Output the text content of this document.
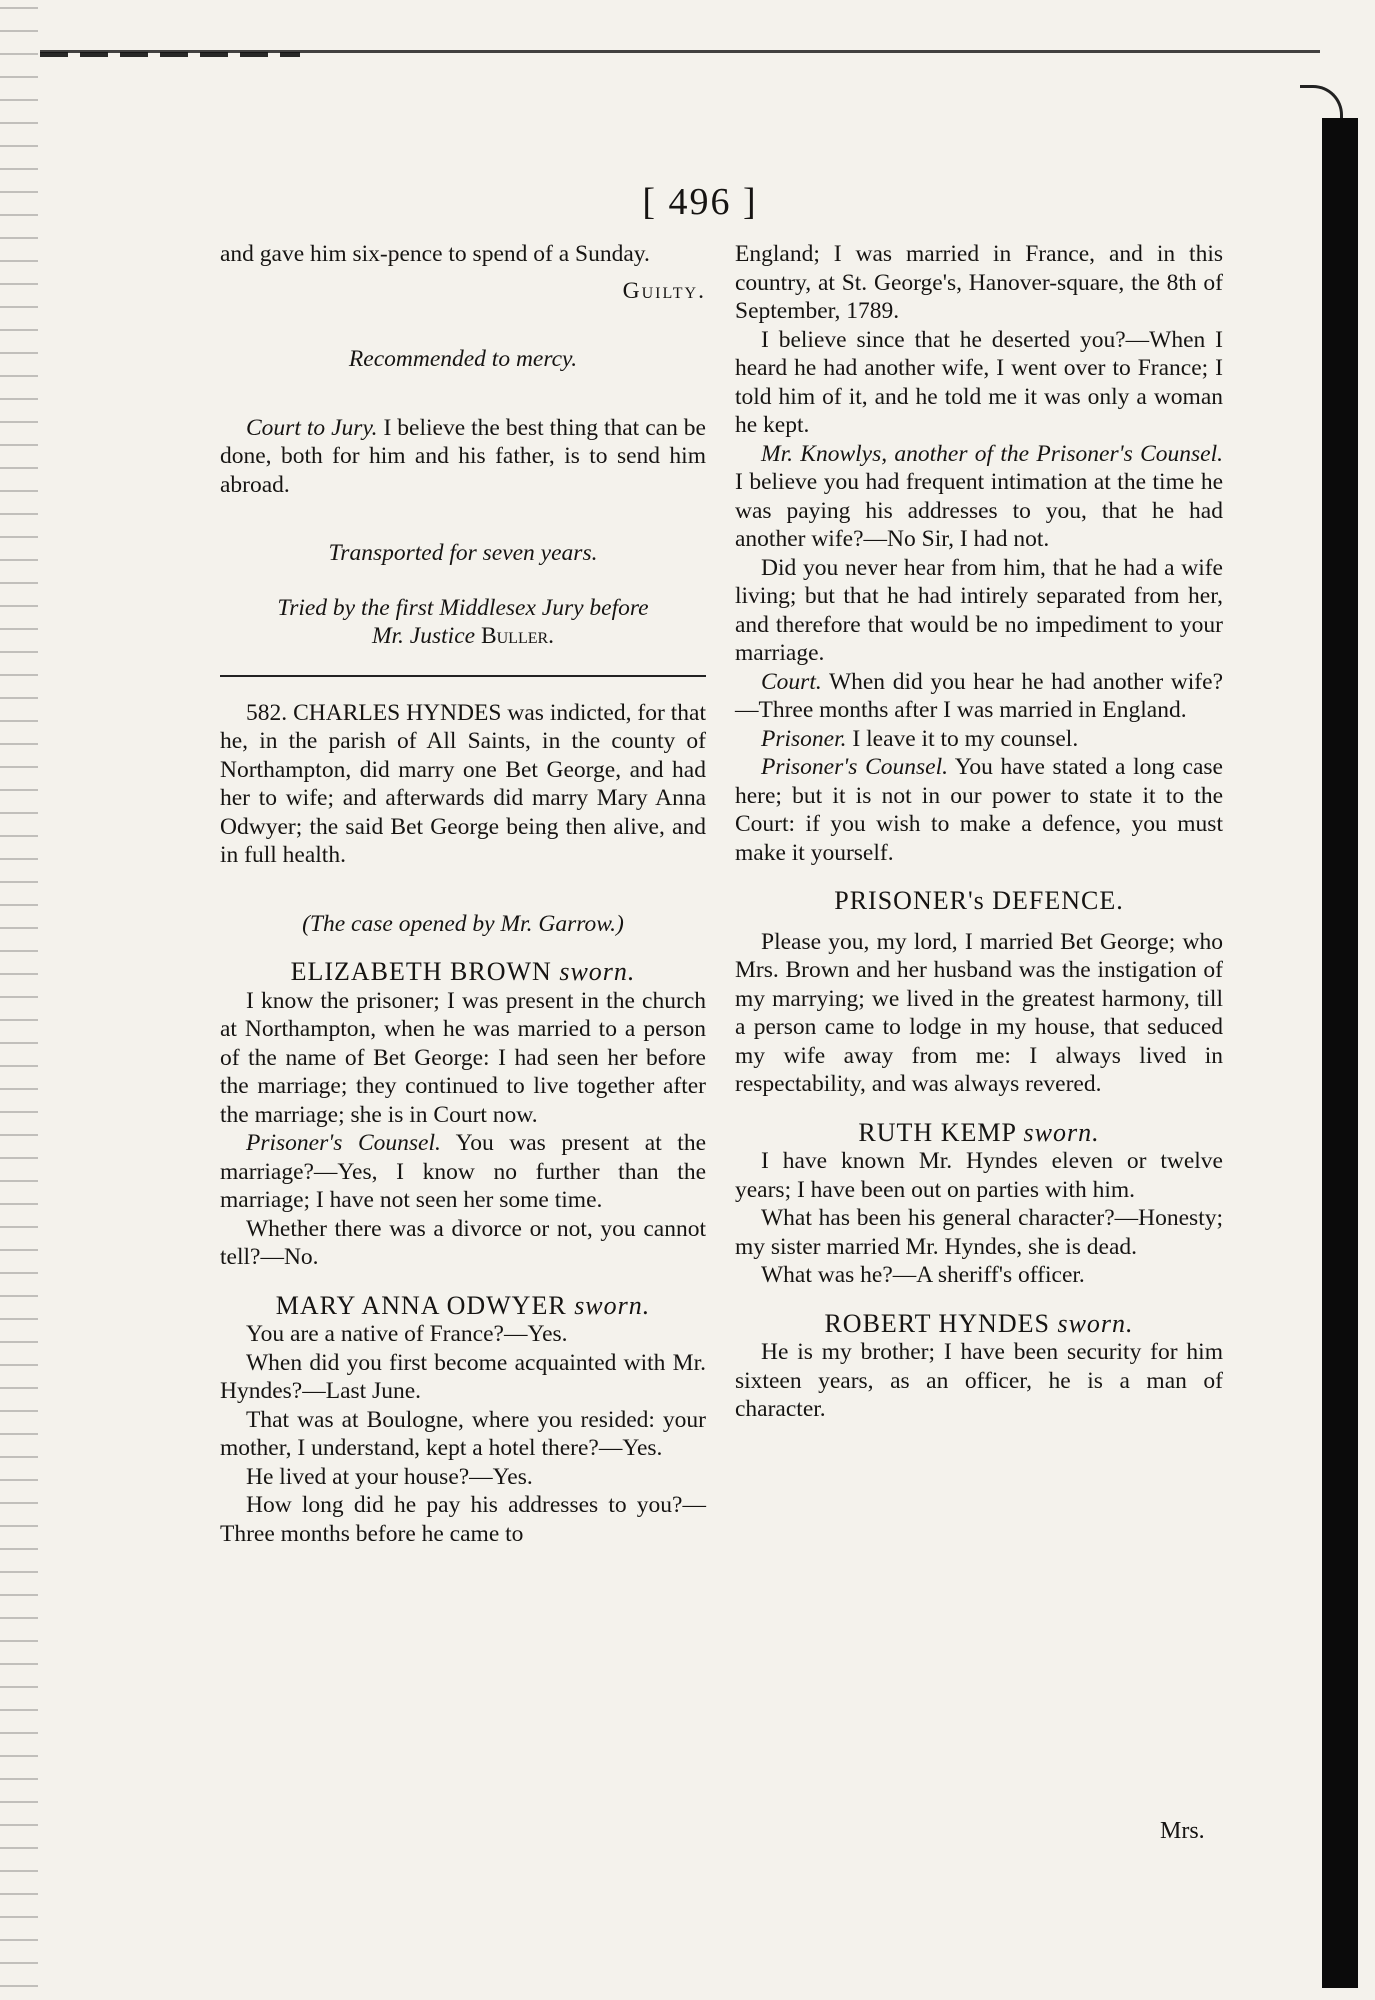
[ 496 ]

and gave him six-pence to spend of a Sunday.

Guilty.

Recommended to mercy.

Court to Jury. I believe the best thing that can be done, both for him and his father, is to send him abroad.

Transported for seven years.

Tried by the first Middlesex Jury before

Mr. Justice Buller.

582. CHARLES HYNDES was indicted, for that he, in the parish of All Saints, in the county of Northampton, did marry one Bet George, and had her to wife; and afterwards did marry Mary Anna Odwyer; the said Bet George being then alive, and in full health.

(The case opened by Mr. Garrow.)

ELIZABETH BROWN sworn.

I know the prisoner; I was present in the church at Northampton, when he was married to a person of the name of Bet George: I had seen her before the marriage; they continued to live together after the marriage; she is in Court now.

Prisoner's Counsel. You was present at the marriage?—Yes, I know no further than the marriage; I have not seen her some time.

Whether there was a divorce or not, you cannot tell?—No.

MARY ANNA ODWYER sworn.

You are a native of France?—Yes.

When did you first become acquainted with Mr. Hyndes?—Last June.

That was at Boulogne, where you resided: your mother, I understand, kept a hotel there?—Yes.

He lived at your house?—Yes.

How long did he pay his addresses to you?—Three months before he came to

England; I was married in France, and in this country, at St. George's, Hanover-square, the 8th of September, 1789.

I believe since that he deserted you?—When I heard he had another wife, I went over to France; I told him of it, and he told me it was only a woman he kept.

Mr. Knowlys, another of the Prisoner's Counsel. I believe you had frequent intimation at the time he was paying his addresses to you, that he had another wife?—No Sir, I had not.

Did you never hear from him, that he had a wife living; but that he had intirely separated from her, and therefore that would be no impediment to your marriage.

Court. When did you hear he had another wife?—Three months after I was married in England.

Prisoner. I leave it to my counsel.

Prisoner's Counsel. You have stated a long case here; but it is not in our power to state it to the Court: if you wish to make a defence, you must make it yourself.

PRISONER's DEFENCE.

Please you, my lord, I married Bet George; who Mrs. Brown and her husband was the instigation of my marrying; we lived in the greatest harmony, till a person came to lodge in my house, that seduced my wife away from me: I always lived in respectability, and was always revered.

RUTH KEMP sworn.

I have known Mr. Hyndes eleven or twelve years; I have been out on parties with him.

What has been his general character?—Honesty; my sister married Mr. Hyndes, she is dead.

What was he?—A sheriff's officer.

ROBERT HYNDES sworn.

He is my brother; I have been security for him sixteen years, as an officer, he is a man of character.

Mrs.
